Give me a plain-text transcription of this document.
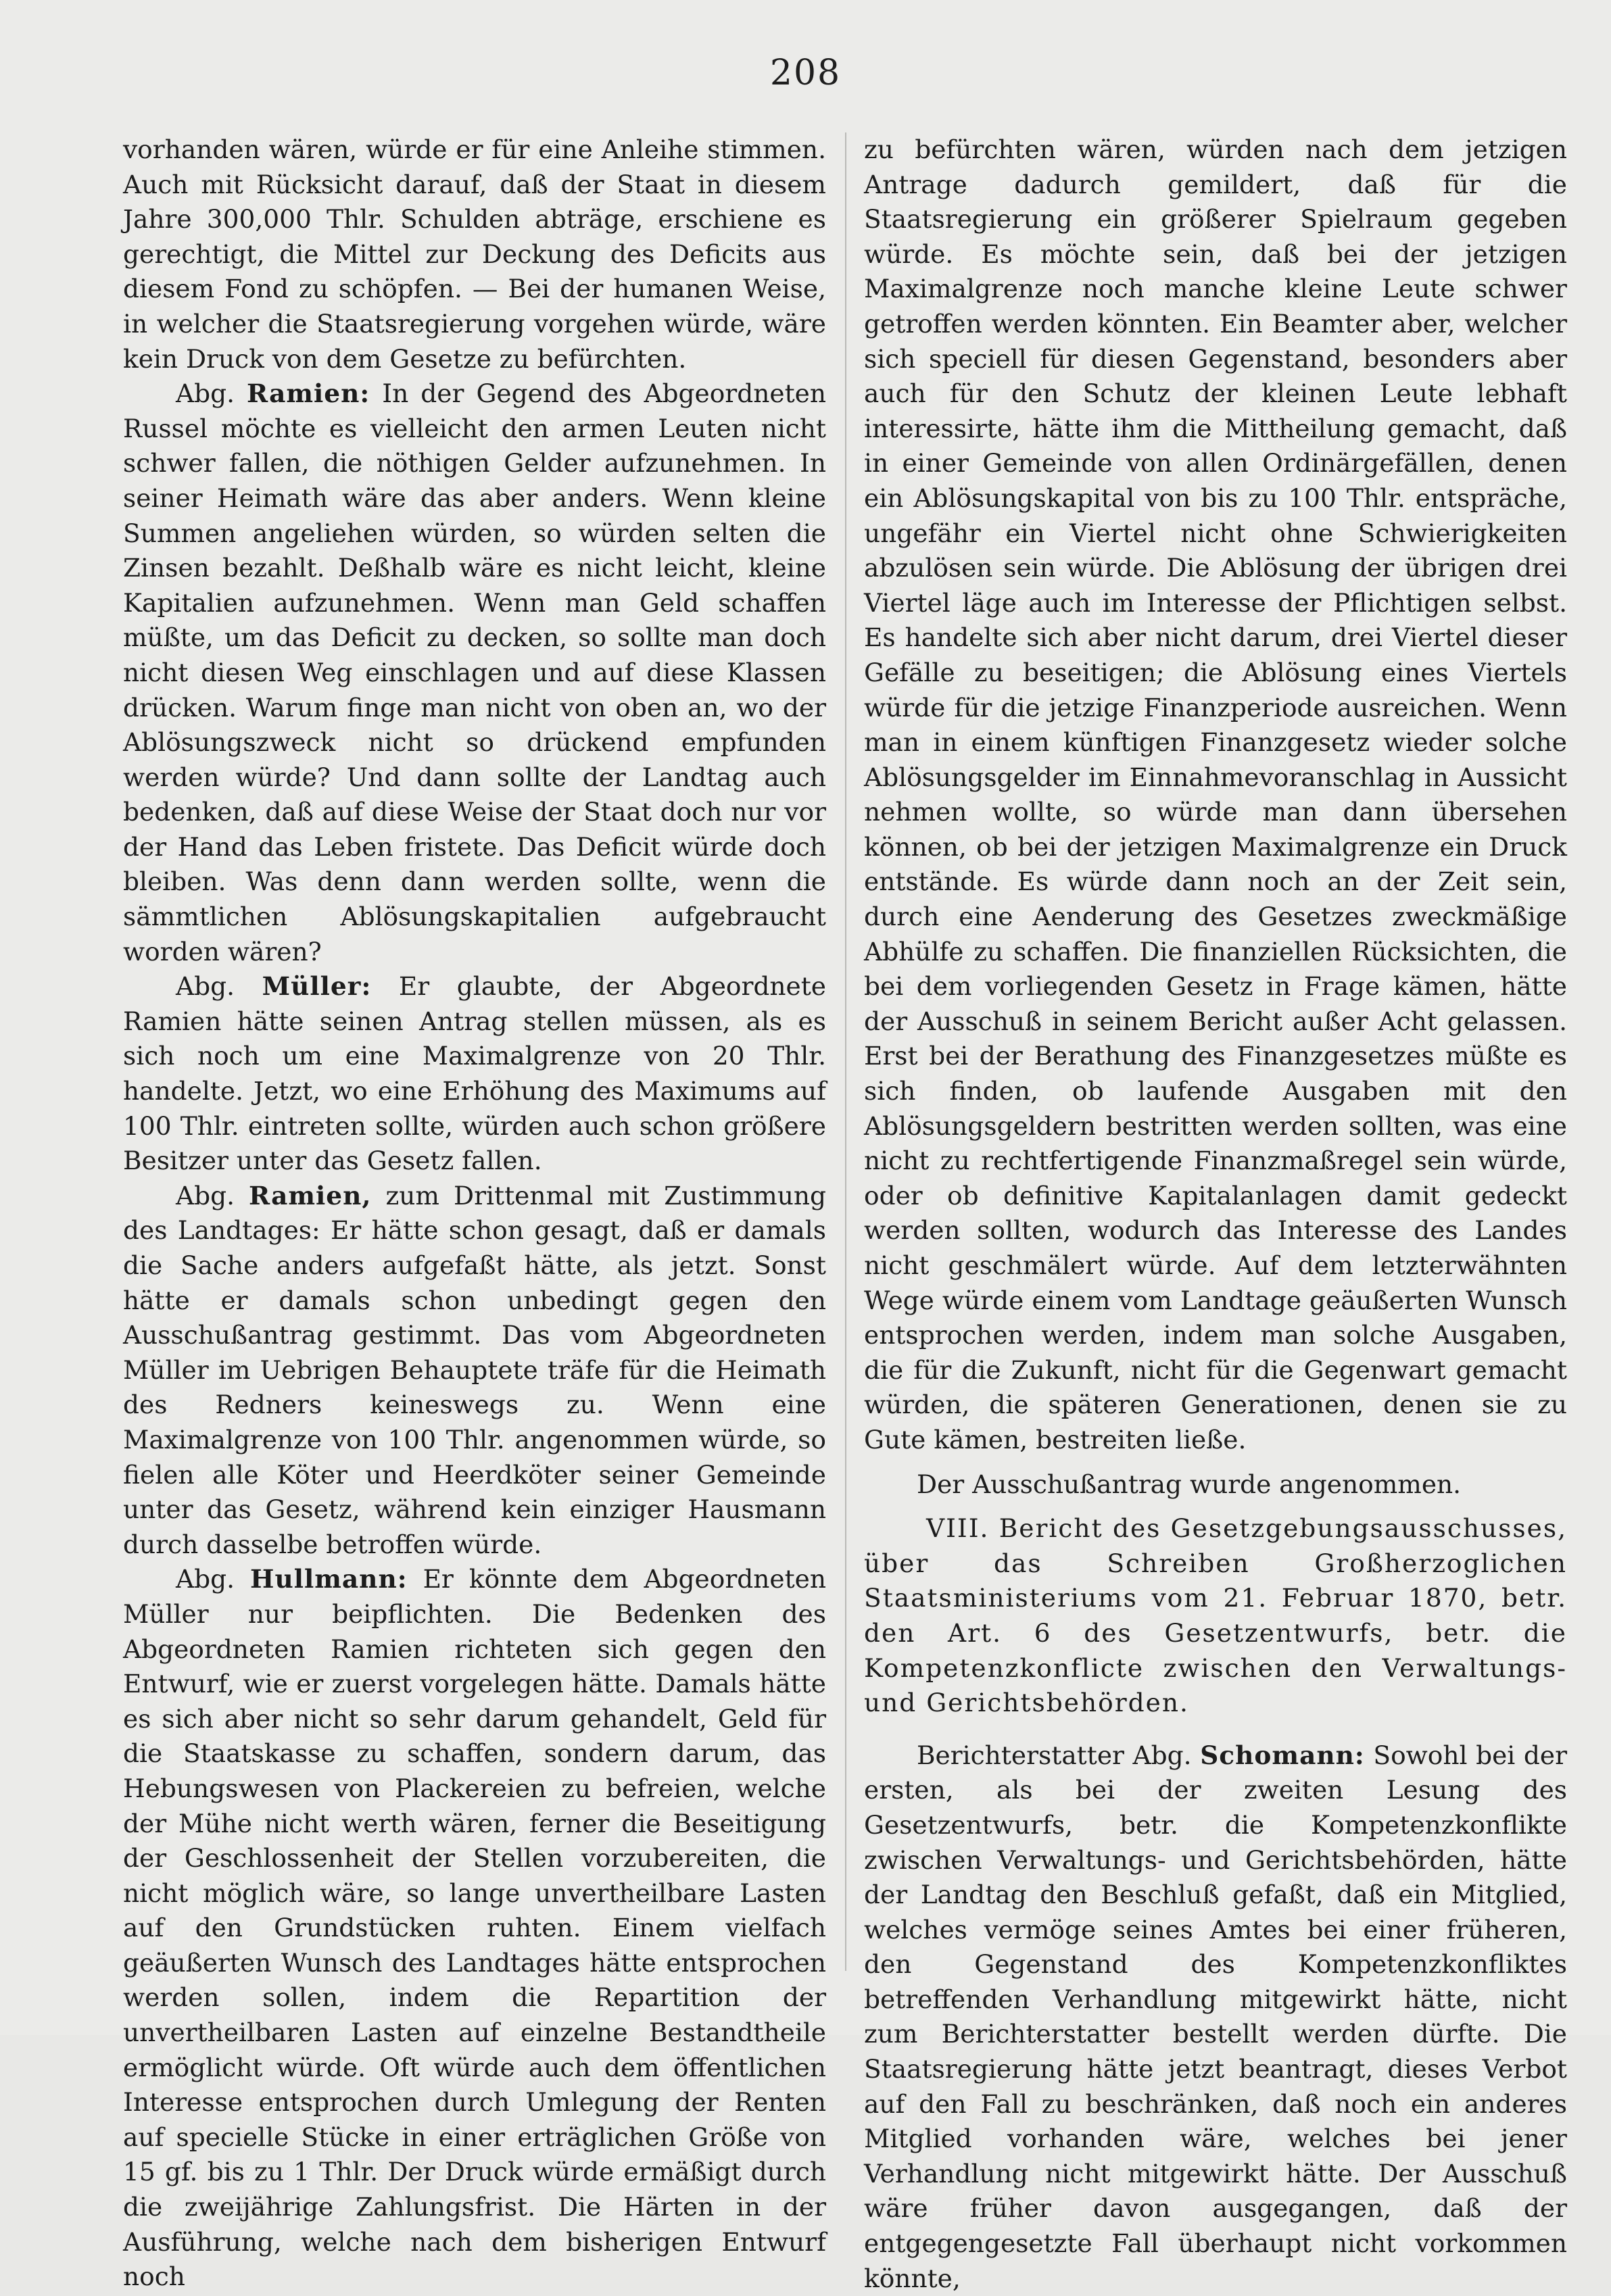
208

vorhanden wären, würde er für eine Anleihe stimmen. Auch mit Rücksicht darauf, daß der Staat in diesem Jahre 300,000 Thlr. Schulden abträge, erschiene es gerechtigt, die Mittel zur Deckung des Deficits aus diesem Fond zu schöpfen. — Bei der humanen Weise, in welcher die Staatsregierung vorgehen würde, wäre kein Druck von dem Gesetze zu befürchten.

Abg. Ramien: In der Gegend des Abgeordneten Russel möchte es vielleicht den armen Leuten nicht schwer fallen, die nöthigen Gelder aufzunehmen. In seiner Heimath wäre das aber anders. Wenn kleine Summen angeliehen würden, so würden selten die Zinsen bezahlt. Deßhalb wäre es nicht leicht, kleine Kapitalien aufzunehmen. Wenn man Geld schaffen müßte, um das Deficit zu decken, so sollte man doch nicht diesen Weg einschlagen und auf diese Klassen drücken. Warum finge man nicht von oben an, wo der Ablösungszweck nicht so drückend empfunden werden würde? Und dann sollte der Landtag auch bedenken, daß auf diese Weise der Staat doch nur vor der Hand das Leben fristete. Das Deficit würde doch bleiben. Was denn dann werden sollte, wenn die sämmtlichen Ablösungskapitalien aufgebraucht worden wären?

Abg. Müller: Er glaubte, der Abgeordnete Ramien hätte seinen Antrag stellen müssen, als es sich noch um eine Maximalgrenze von 20 Thlr. handelte. Jetzt, wo eine Erhöhung des Maximums auf 100 Thlr. eintreten sollte, würden auch schon größere Besitzer unter das Gesetz fallen.

Abg. Ramien, zum Drittenmal mit Zustimmung des Landtages: Er hätte schon gesagt, daß er damals die Sache anders aufgefaßt hätte, als jetzt. Sonst hätte er damals schon unbedingt gegen den Ausschußantrag gestimmt. Das vom Abgeordneten Müller im Uebrigen Behauptete träfe für die Heimath des Redners keineswegs zu. Wenn eine Maximalgrenze von 100 Thlr. angenommen würde, so fielen alle Köter und Heerdköter seiner Gemeinde unter das Gesetz, während kein einziger Hausmann durch dasselbe betroffen würde.

Abg. Hullmann: Er könnte dem Abgeordneten Müller nur beipflichten. Die Bedenken des Abgeordneten Ramien richteten sich gegen den Entwurf, wie er zuerst vorgelegen hätte. Damals hätte es sich aber nicht so sehr darum gehandelt, Geld für die Staatskasse zu schaffen, sondern darum, das Hebungswesen von Plackereien zu befreien, welche der Mühe nicht werth wären, ferner die Beseitigung der Geschlossenheit der Stellen vorzubereiten, die nicht möglich wäre, so lange unvertheilbare Lasten auf den Grundstücken ruhten. Einem vielfach geäußerten Wunsch des Landtages hätte entsprochen werden sollen, indem die Repartition der unvertheilbaren Lasten auf einzelne Bestandtheile ermöglicht würde. Oft würde auch dem öffentlichen Interesse entsprochen durch Umlegung der Renten auf specielle Stücke in einer erträglichen Größe von 15 gf. bis zu 1 Thlr. Der Druck würde ermäßigt durch die zweijährige Zahlungsfrist. Die Härten in der Ausführung, welche nach dem bisherigen Entwurf noch

zu befürchten wären, würden nach dem jetzigen Antrage dadurch gemildert, daß für die Staatsregierung ein größerer Spielraum gegeben würde. Es möchte sein, daß bei der jetzigen Maximalgrenze noch manche kleine Leute schwer getroffen werden könnten. Ein Beamter aber, welcher sich speciell für diesen Gegenstand, besonders aber auch für den Schutz der kleinen Leute lebhaft interessirte, hätte ihm die Mittheilung gemacht, daß in einer Gemeinde von allen Ordinärgefällen, denen ein Ablösungskapital von bis zu 100 Thlr. entspräche, ungefähr ein Viertel nicht ohne Schwierigkeiten abzulösen sein würde. Die Ablösung der übrigen drei Viertel läge auch im Interesse der Pflichtigen selbst. Es handelte sich aber nicht darum, drei Viertel dieser Gefälle zu beseitigen; die Ablösung eines Viertels würde für die jetzige Finanzperiode ausreichen. Wenn man in einem künftigen Finanzgesetz wieder solche Ablösungsgelder im Einnahmevoranschlag in Aussicht nehmen wollte, so würde man dann übersehen können, ob bei der jetzigen Maximalgrenze ein Druck entstände. Es würde dann noch an der Zeit sein, durch eine Aenderung des Gesetzes zweckmäßige Abhülfe zu schaffen. Die finanziellen Rücksichten, die bei dem vorliegenden Gesetz in Frage kämen, hätte der Ausschuß in seinem Bericht außer Acht gelassen. Erst bei der Berathung des Finanzgesetzes müßte es sich finden, ob laufende Ausgaben mit den Ablösungsgeldern bestritten werden sollten, was eine nicht zu rechtfertigende Finanzmaßregel sein würde, oder ob definitive Kapitalanlagen damit gedeckt werden sollten, wodurch das Interesse des Landes nicht geschmälert würde. Auf dem letzterwähnten Wege würde einem vom Landtage geäußerten Wunsch entsprochen werden, indem man solche Ausgaben, die für die Zukunft, nicht für die Gegenwart gemacht würden, die späteren Generationen, denen sie zu Gute kämen, bestreiten ließe.

Der Ausschußantrag wurde angenommen.

VIII. Bericht des Gesetzgebungsausschusses, über das Schreiben Großherzoglichen Staatsministeriums vom 21. Februar 1870, betr. den Art. 6 des Gesetzentwurfs, betr. die Kompetenzkonflicte zwischen den Verwaltungs- und Gerichtsbehörden.

Berichterstatter Abg. Schomann: Sowohl bei der ersten, als bei der zweiten Lesung des Gesetzentwurfs, betr. die Kompetenzkonflikte zwischen Verwaltungs- und Gerichtsbehörden, hätte der Landtag den Beschluß gefaßt, daß ein Mitglied, welches vermöge seines Amtes bei einer früheren, den Gegenstand des Kompetenzkonfliktes betreffenden Verhandlung mitgewirkt hätte, nicht zum Berichterstatter bestellt werden dürfte. Die Staatsregierung hätte jetzt beantragt, dieses Verbot auf den Fall zu beschränken, daß noch ein anderes Mitglied vorhanden wäre, welches bei jener Verhandlung nicht mitgewirkt hätte. Der Ausschuß wäre früher davon ausgegangen, daß der entgegengesetzte Fall überhaupt nicht vorkommen könnte,
